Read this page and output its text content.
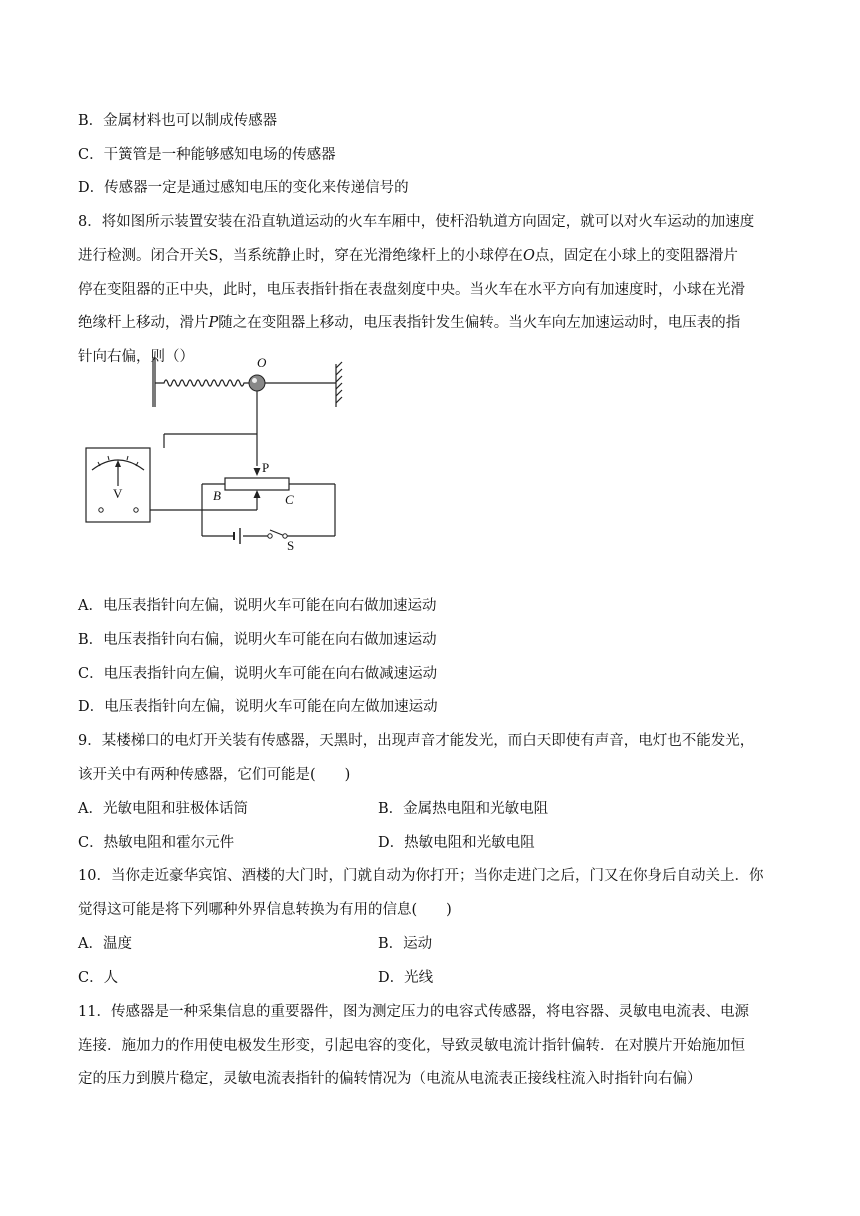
B．金属材料也可以制成传感器
C．干簧管是一种能够感知电场的传感器
D．传感器一定是通过感知电压的变化来传递信号的
8．将如图所示装置安装在沿直轨道运动的火车车厢中，使杆沿轨道方向固定，就可以对火车运动的加速度
进行检测。闭合开关S，当系统静止时，穿在光滑绝缘杆上的小球停在O点，固定在小球上的变阻器滑片
停在变阻器的正中央，此时，电压表指针指在表盘刻度中央。当火车在水平方向有加速度时，小球在光滑
绝缘杆上移动，滑片P随之在变阻器上移动，电压表指针发生偏转。当火车向左加速运动时，电压表的指
针向右偏，则（）	O
P
B	C
V
S
A．电压表指针向左偏，说明火车可能在向右做加速运动
B．电压表指针向右偏，说明火车可能在向右做加速运动
C．电压表指针向左偏，说明火车可能在向右做减速运动
D．电压表指针向左偏，说明火车可能在向左做加速运动
9．某楼梯口的电灯开关装有传感器，天黑时，出现声音才能发光，而白天即使有声音，电灯也不能发光，
该开关中有两种传感器，它们可能是(　　)
A．光敏电阻和驻极体话筒	B．金属热电阻和光敏电阻
C．热敏电阻和霍尔元件	D．热敏电阻和光敏电阻
10．当你走近豪华宾馆、酒楼的大门时，门就自动为你打开；当你走进门之后，门又在你身后自动关上．你
觉得这可能是将下列哪种外界信息转换为有用的信息(　　)
A．温度	B．运动
C．人	D．光线
11．传感器是一种采集信息的重要器件，图为测定压力的电容式传感器，将电容器、灵敏电电流表、电源
连接．施加力的作用使电极发生形变，引起电容的变化，导致灵敏电流计指针偏转．在对膜片开始施加恒
定的压力到膜片稳定，灵敏电流表指针的偏转情况为（电流从电流表正接线柱流入时指针向右偏）
